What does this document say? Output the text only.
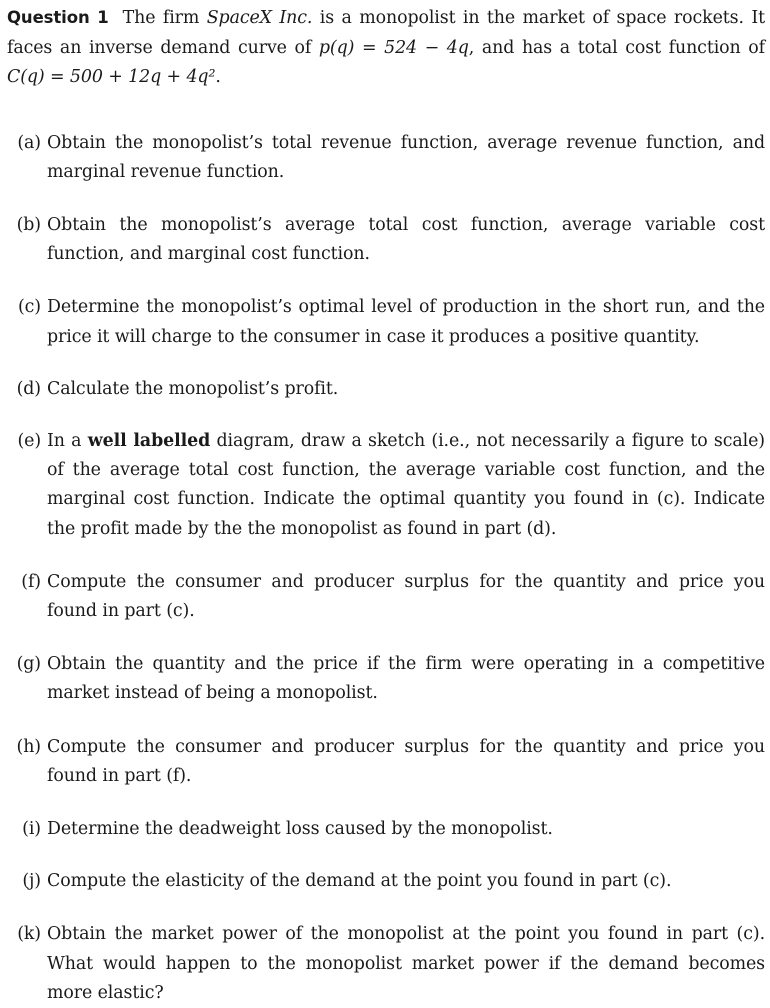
Question 1 The firm SpaceX Inc. is a monopolist in the market of space rockets. It faces an inverse demand curve of p(q) = 524 − 4q, and has a total cost function of C(q) = 500 + 12q + 4q².

(a) Obtain the monopolist’s total revenue function, average revenue function, and marginal revenue function.
(b) Obtain the monopolist’s average total cost function, average variable cost function, and marginal cost function.
(c) Determine the monopolist’s optimal level of production in the short run, and the price it will charge to the consumer in case it produces a positive quantity.
(d) Calculate the monopolist’s profit.
(e) In a well labelled diagram, draw a sketch (i.e., not necessarily a figure to scale) of the average total cost function, the average variable cost function, and the marginal cost function. Indicate the optimal quantity you found in (c). Indicate the profit made by the the monopolist as found in part (d).
(f) Compute the consumer and producer surplus for the quantity and price you found in part (c).
(g) Obtain the quantity and the price if the firm were operating in a competitive market instead of being a monopolist.
(h) Compute the consumer and producer surplus for the quantity and price you found in part (f).
(i) Determine the deadweight loss caused by the monopolist.
(j) Compute the elasticity of the demand at the point you found in part (c).
(k) Obtain the market power of the monopolist at the point you found in part (c). What would happen to the monopolist market power if the demand becomes more elastic?
